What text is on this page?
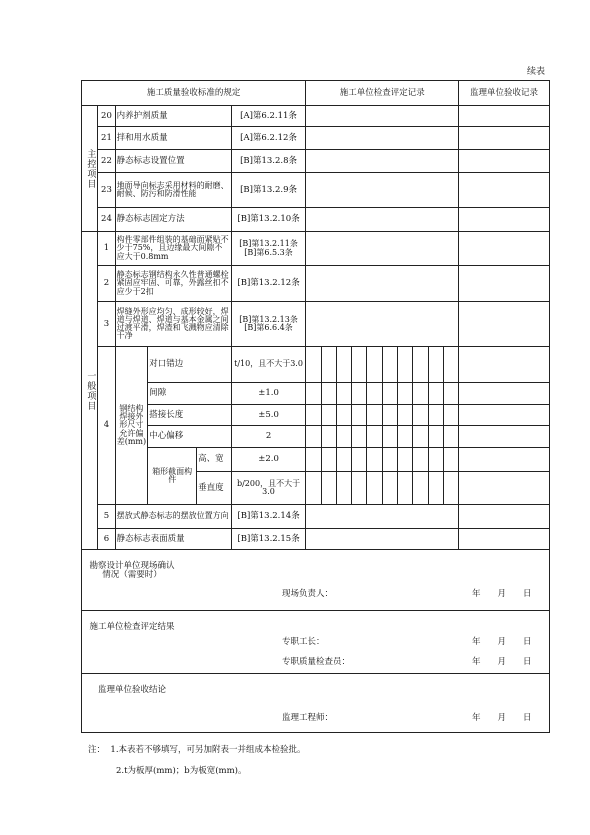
续表
施工质量验收标准的规定						施工单位检查评定记录										监理单位验收记录

主控项目	20	内养护剂质量			[A]第6.2.11条											
	21	拌和用水质量			[A]第6.2.12条											
	22	静态标志设置位置			[B]第13.2.8条											
	23	地面导向标志采用材料的耐磨、耐候、防污和防滑性能			[B]第13.2.9条											
	24	静态标志固定方法			[B]第13.2.10条											

一般项目	1	构件零部件组装的基础面紧贴不少于75%，且边缘最大间隙不应大于0.8mm			[B]第13.2.11条
[B]第6.5.3条											
	2	静态标志钢结构永久性普通螺栓紧固应牢固、可靠，外露丝扣不应少于2扣			[B]第13.2.12条											
	3	焊缝外形应均匀、成形较好，焊道与焊道、焊道与基本金属之间过渡平滑，焊渣和飞溅物应清除干净			[B]第13.2.13条
[B]第6.6.4条											
	4	钢结构焊接外形尺寸允许偏差(mm)	对口错边		t/10，且不大于3.0											
			间隙		±1.0											
			搭接长度		±5.0											
			中心偏移		2											
			箱形截面构件	高、宽	±2.0											
				垂直度	b/200，且不大于3.0											
	5	摆放式静态标志的摆放位置方向			[B]第13.2.14条											
	6	静态标志表面质量			[B]第13.2.15条											

勘察设计单位现场确认情况（需要时）
现场负责人： 年　　月　　日																

施工单位检查评定结果
专职工长： 年　　月　　日
专职质量检查员： 年　　月　　日																

监理单位验收结论
监理工程师： 年　　月　　日																
注： 1.本表若不够填写，可另加附表一并组成本检验批。
2.t为板厚(mm)；b为板宽(mm)。
